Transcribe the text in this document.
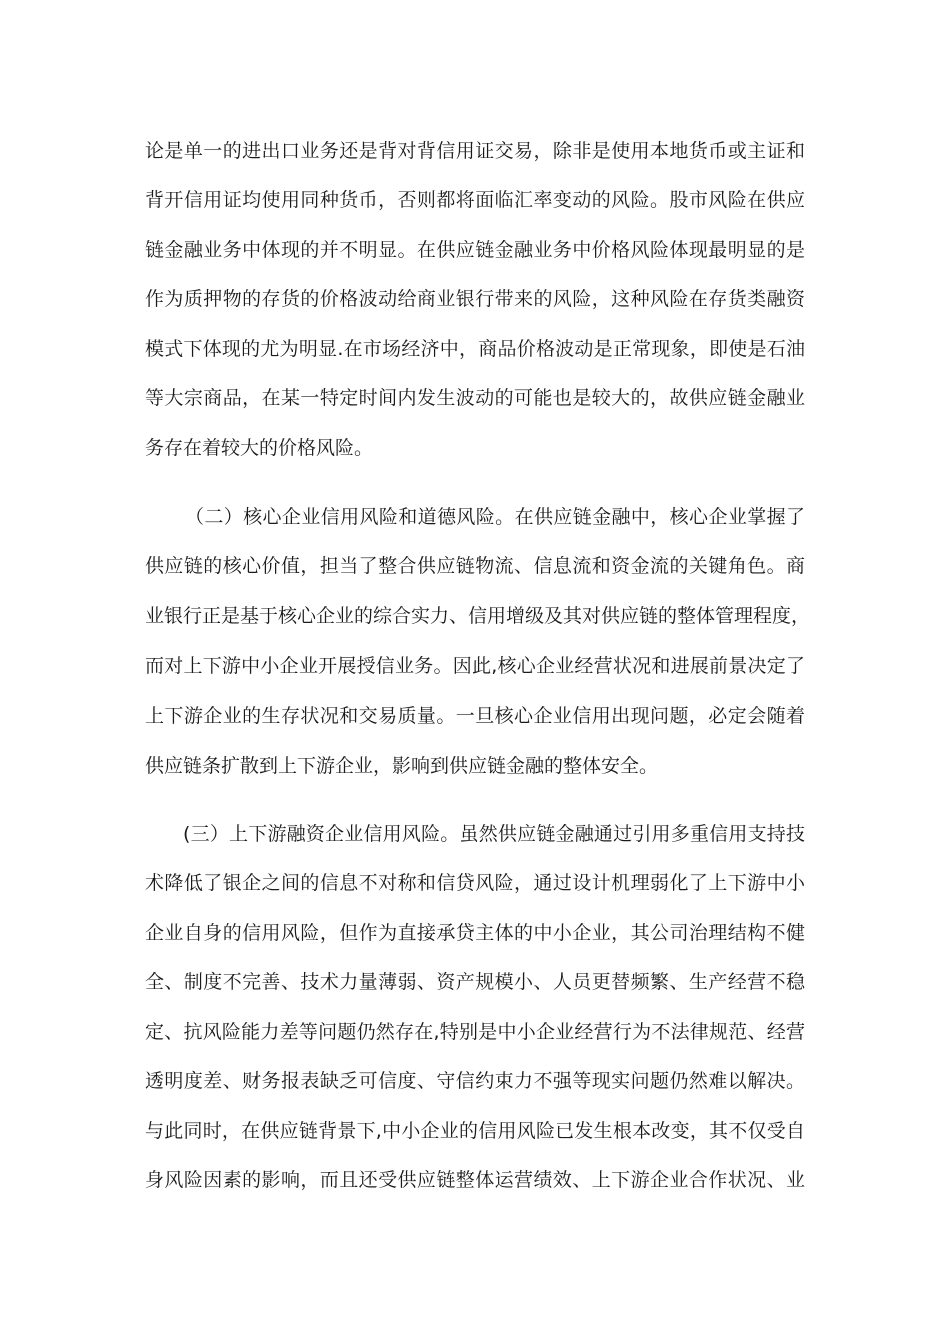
论是单一的进出口业务还是背对背信用证交易，除非是使用本地货币或主证和
背开信用证均使用同种货币，否则都将面临汇率变动的风险。股市风险在供应
链金融业务中体现的并不明显。在供应链金融业务中价格风险体现最明显的是
作为质押物的存货的价格波动给商业银行带来的风险，这种风险在存货类融资
模式下体现的尤为明显.在市场经济中，商品价格波动是正常现象，即使是石油
等大宗商品，在某一特定时间内发生波动的可能也是较大的，故供应链金融业
务存在着较大的价格风险。
（二）核心企业信用风险和道德风险。在供应链金融中，核心企业掌握了
供应链的核心价值，担当了整合供应链物流、信息流和资金流的关键角色。商
业银行正是基于核心企业的综合实力、信用增级及其对供应链的整体管理程度，
而对上下游中小企业开展授信业务。因此,核心企业经营状况和进展前景决定了
上下游企业的生存状况和交易质量。一旦核心企业信用出现问题，必定会随着
供应链条扩散到上下游企业，影响到供应链金融的整体安全。
(三）上下游融资企业信用风险。虽然供应链金融通过引用多重信用支持技
术降低了银企之间的信息不对称和信贷风险，通过设计机理弱化了上下游中小
企业自身的信用风险，但作为直接承贷主体的中小企业，其公司治理结构不健
全、制度不完善、技术力量薄弱、资产规模小、人员更替频繁、生产经营不稳
定、抗风险能力差等问题仍然存在,特别是中小企业经营行为不法律规范、经营
透明度差、财务报表缺乏可信度、守信约束力不强等现实问题仍然难以解决。
与此同时，在供应链背景下,中小企业的信用风险已发生根本改变，其不仅受自
身风险因素的影响，而且还受供应链整体运营绩效、上下游企业合作状况、业
